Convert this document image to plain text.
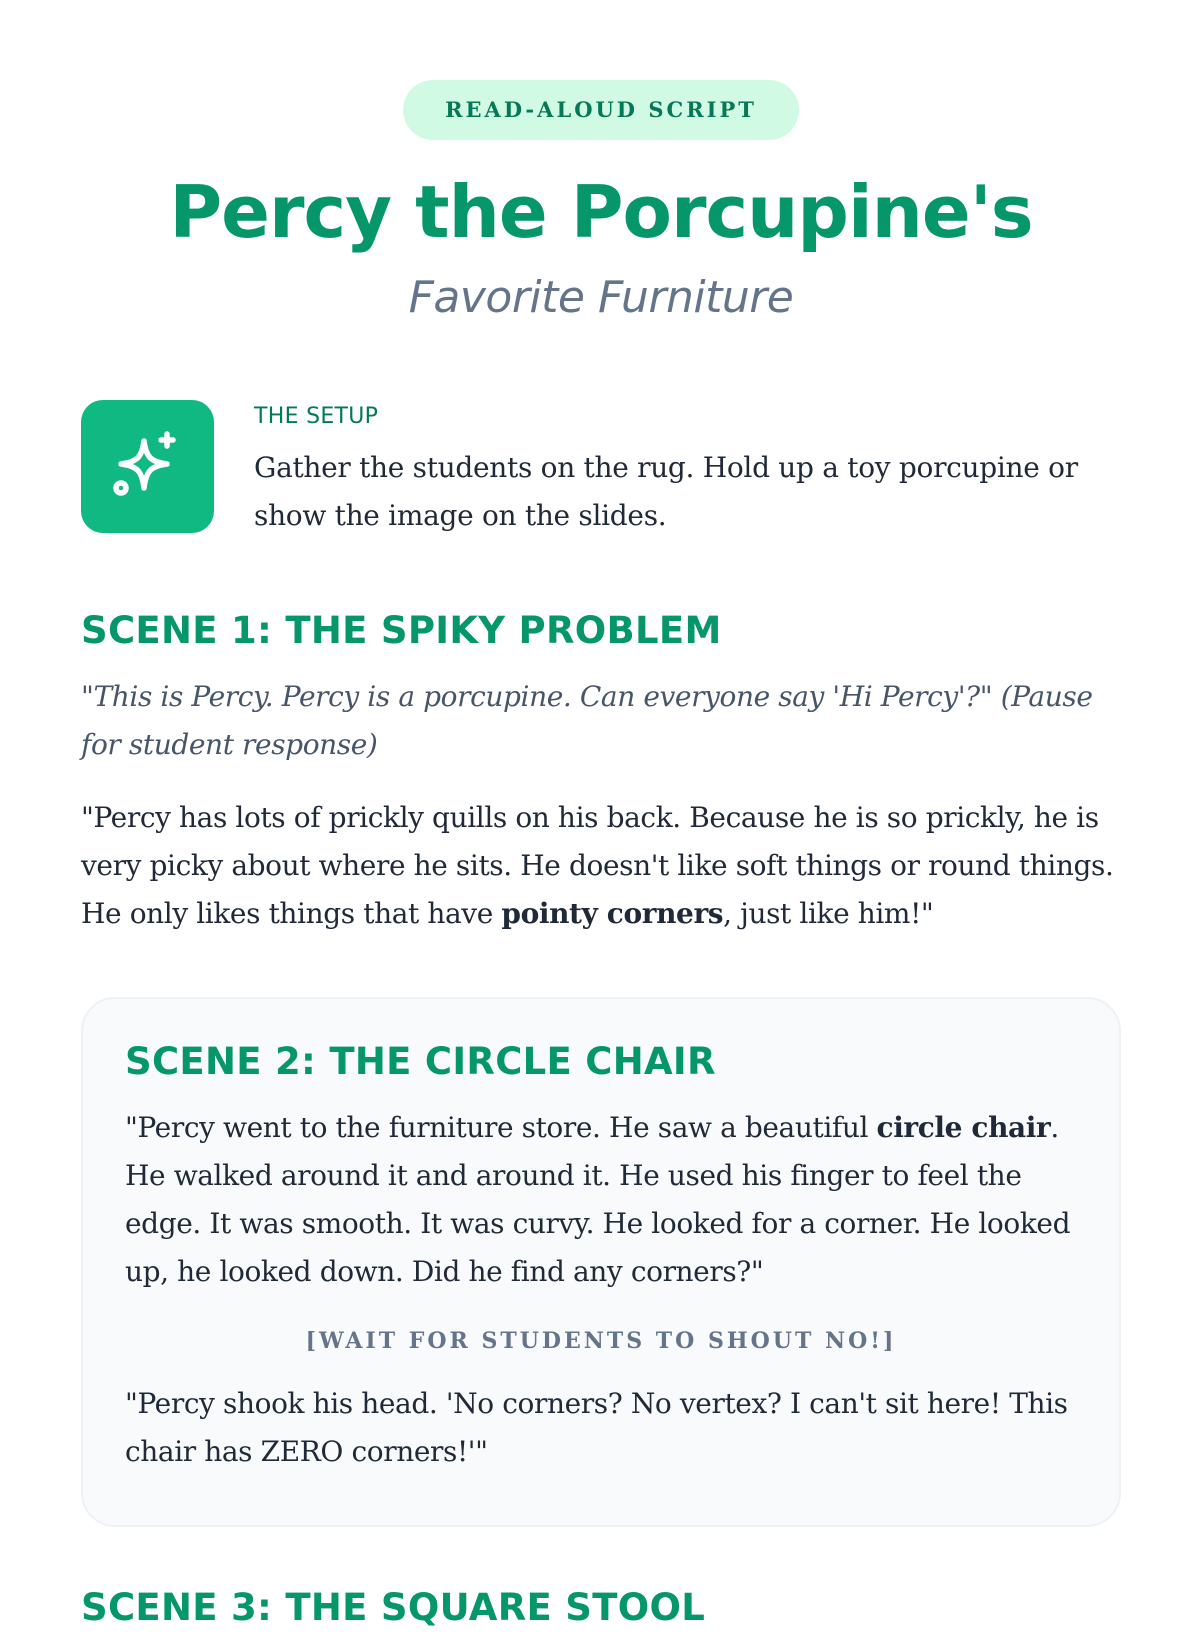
READ-ALOUD SCRIPT
Percy the Porcupine's
Favorite Furniture
THE SETUP

Gather the students on the rug. Hold up a toy porcupine or show the image on the slides.

SCENE 1: THE SPIKY PROBLEM

"This is Percy. Percy is a porcupine. Can everyone say 'Hi Percy'?" (Pause for student response)

"Percy has lots of prickly quills on his back. Because he is so prickly, he is very picky about where he sits. He doesn't like soft things or round things. He only likes things that have pointy corners, just like him!"

SCENE 2: THE CIRCLE CHAIR

"Percy went to the furniture store. He saw a beautiful circle chair. He walked around it and around it. He used his finger to feel the edge. It was smooth. It was curvy. He looked for a corner. He looked up, he looked down. Did he find any corners?"

[WAIT FOR STUDENTS TO SHOUT NO!]

"Percy shook his head. 'No corners? No vertex? I can't sit here! This chair has ZERO corners!'"

SCENE 3: THE SQUARE STOOL
